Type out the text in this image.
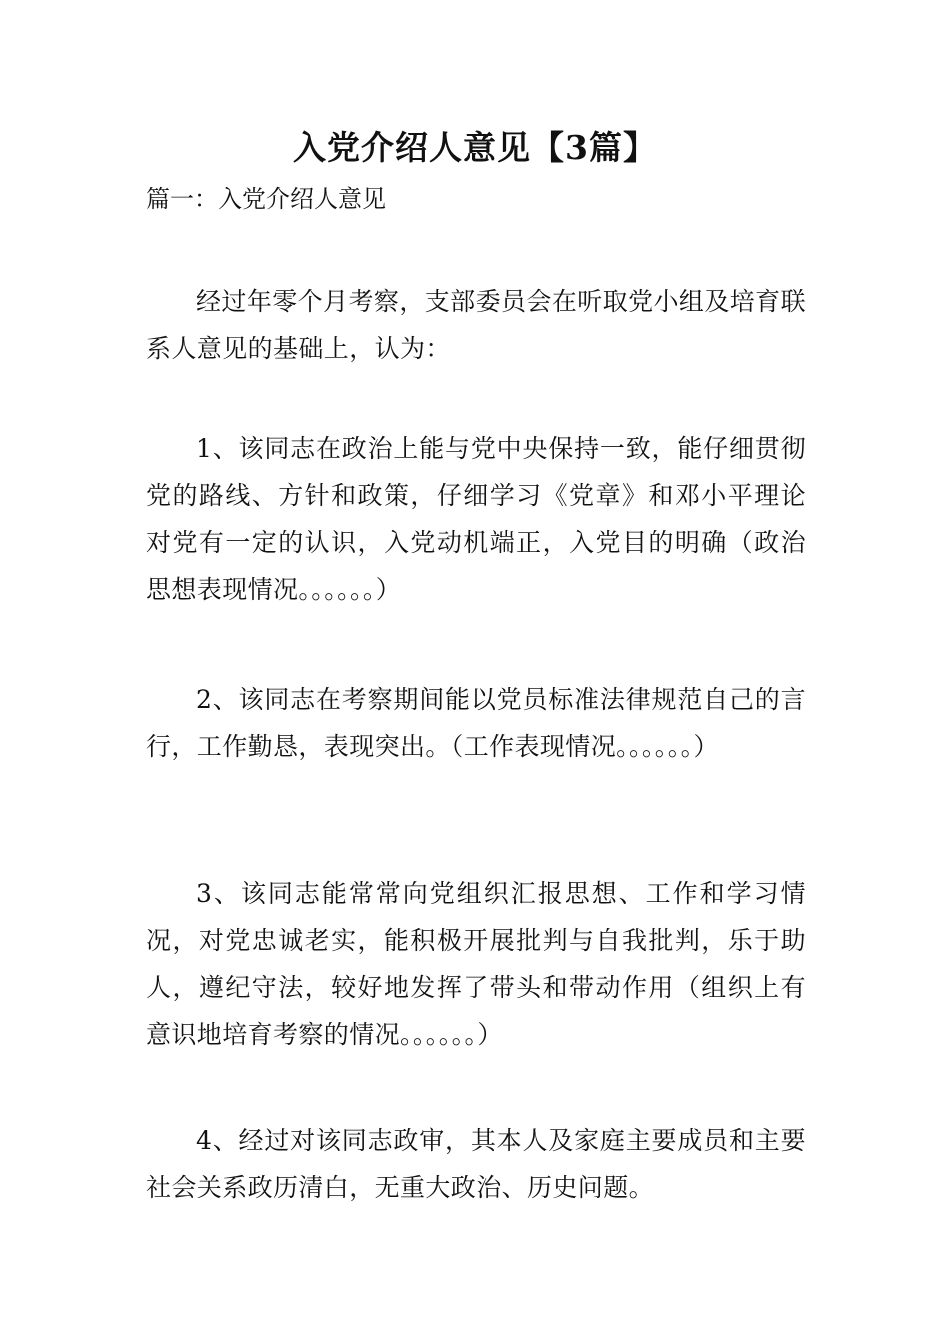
入党介绍人意见【3篇】
篇一：入党介绍人意见

经过年零个月考察，支部委员会在听取党小组及培育联系人意见的基础上，认为：

1、该同志在政治上能与党中央保持一致，能仔细贯彻党的路线、方针和政策，仔细学习《党章》和邓小平理论对党有一定的认识，入党动机端正，入党目的明确（政治思想表现情况。。。。。。）

2、该同志在考察期间能以党员标准法律规范自己的言行，工作勤恳，表现突出。（工作表现情况。。。。。。）

3、该同志能常常向党组织汇报思想、工作和学习情况，对党忠诚老实，能积极开展批判与自我批判，乐于助人，遵纪守法，较好地发挥了带头和带动作用（组织上有意识地培育考察的情况。。。。。。）

4、经过对该同志政审，其本人及家庭主要成员和主要社会关系政历清白，无重大政治、历史问题。
